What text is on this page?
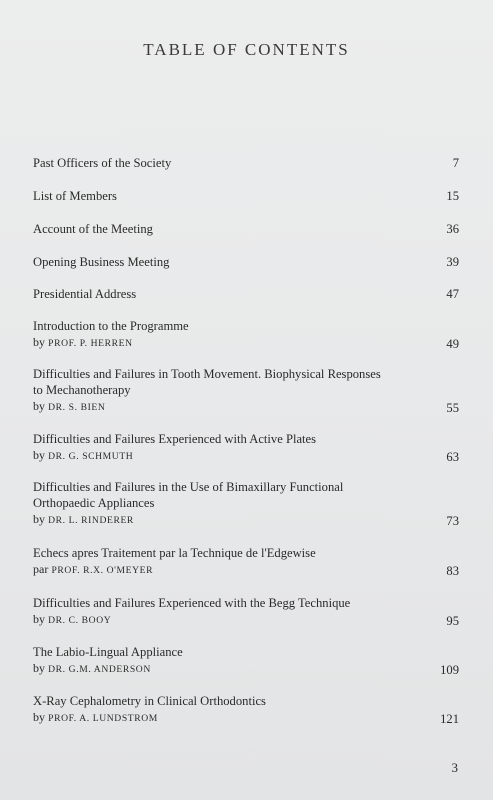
TABLE OF CONTENTS
Past Officers of the Society	7
List of Members	15
Account of the Meeting	36
Opening Business Meeting	39
Presidential Address	47
Introduction to the Programme
by PROF. P. HERREN	49
Difficulties and Failures in Tooth Movement. Biophysical Responses
to Mechanotherapy
by DR. S. BIEN	55
Difficulties and Failures Experienced with Active Plates
by DR. G. SCHMUTH	63
Difficulties and Failures in the Use of Bimaxillary Functional
Orthopaedic Appliances
by DR. L. RINDERER	73
Echecs apres Traitement par la Technique de l'Edgewise
par PROF. R.X. O'MEYER	83
Difficulties and Failures Experienced with the Begg Technique
by DR. C. BOOY	95
The Labio-Lingual Appliance
by DR. G.M. ANDERSON	109
X-Ray Cephalometry in Clinical Orthodontics
by PROF. A. LUNDSTROM	121
3
